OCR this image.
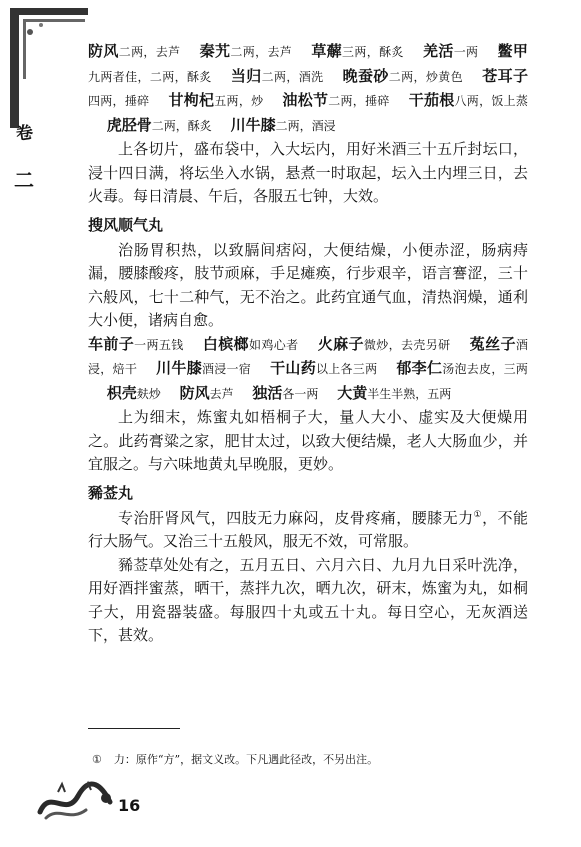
卷
二

防风二两，去芦 秦艽二两，去芦 草薢三两，酥炙 羌活一两 鳖甲九两者佳，二两，酥炙 当归二两，酒洗 晚蚕砂二两，炒黄色 苍耳子四两，捶碎 甘枸杞五两，炒 油松节二两，捶碎 干茄根八两，饭上蒸 虎胫骨二两，酥炙 川牛膝二两，酒浸

上各切片，盛布袋中，入大坛内，用好米酒三十五斤封坛口，浸十四日满，将坛坐入水锅，悬煮一时取起，坛入土内埋三日，去火毒。每日清晨、午后，各服五七钟，大效。

搜风顺气丸

治肠胃积热，以致膈间痞闷，大便结燥，小便赤涩，肠病痔漏，腰膝酸疼，肢节顽麻，手足瘫痪，行步艰辛，语言謇涩，三十六般风，七十二种气，无不治之。此药宜通气血，清热润燥，通利大小便，诸病自愈。

车前子一两五钱 白槟榔如鸡心者 火麻子微炒，去壳另研 菟丝子酒浸，焙干 川牛膝酒浸一宿 干山药以上各三两 郁李仁汤泡去皮，三两 枳壳麸炒 防风去芦 独活各一两 大黄半生半熟，五两

上为细末，炼蜜丸如梧桐子大，量人大小、虚实及大便燥用之。此药膏粱之家，肥甘太过，以致大便结燥，老人大肠血少，并宜服之。与六味地黄丸早晚服，更妙。

豨莶丸

专治肝肾风气，四肢无力麻闷，皮骨疼痛，腰膝无力①，不能行大肠气。又治三十五般风，服无不效，可常服。

豨莶草处处有之，五月五日、六月六日、九月九日采叶洗净，用好酒拌蜜蒸，晒干，蒸拌九次，晒九次，研末，炼蜜为丸，如桐子大，用瓷器装盛。每服四十丸或五十丸。每日空心，无灰酒送下，甚效。

① 力：原作“方”，据文义改。下凡遇此径改，不另出注。
16
